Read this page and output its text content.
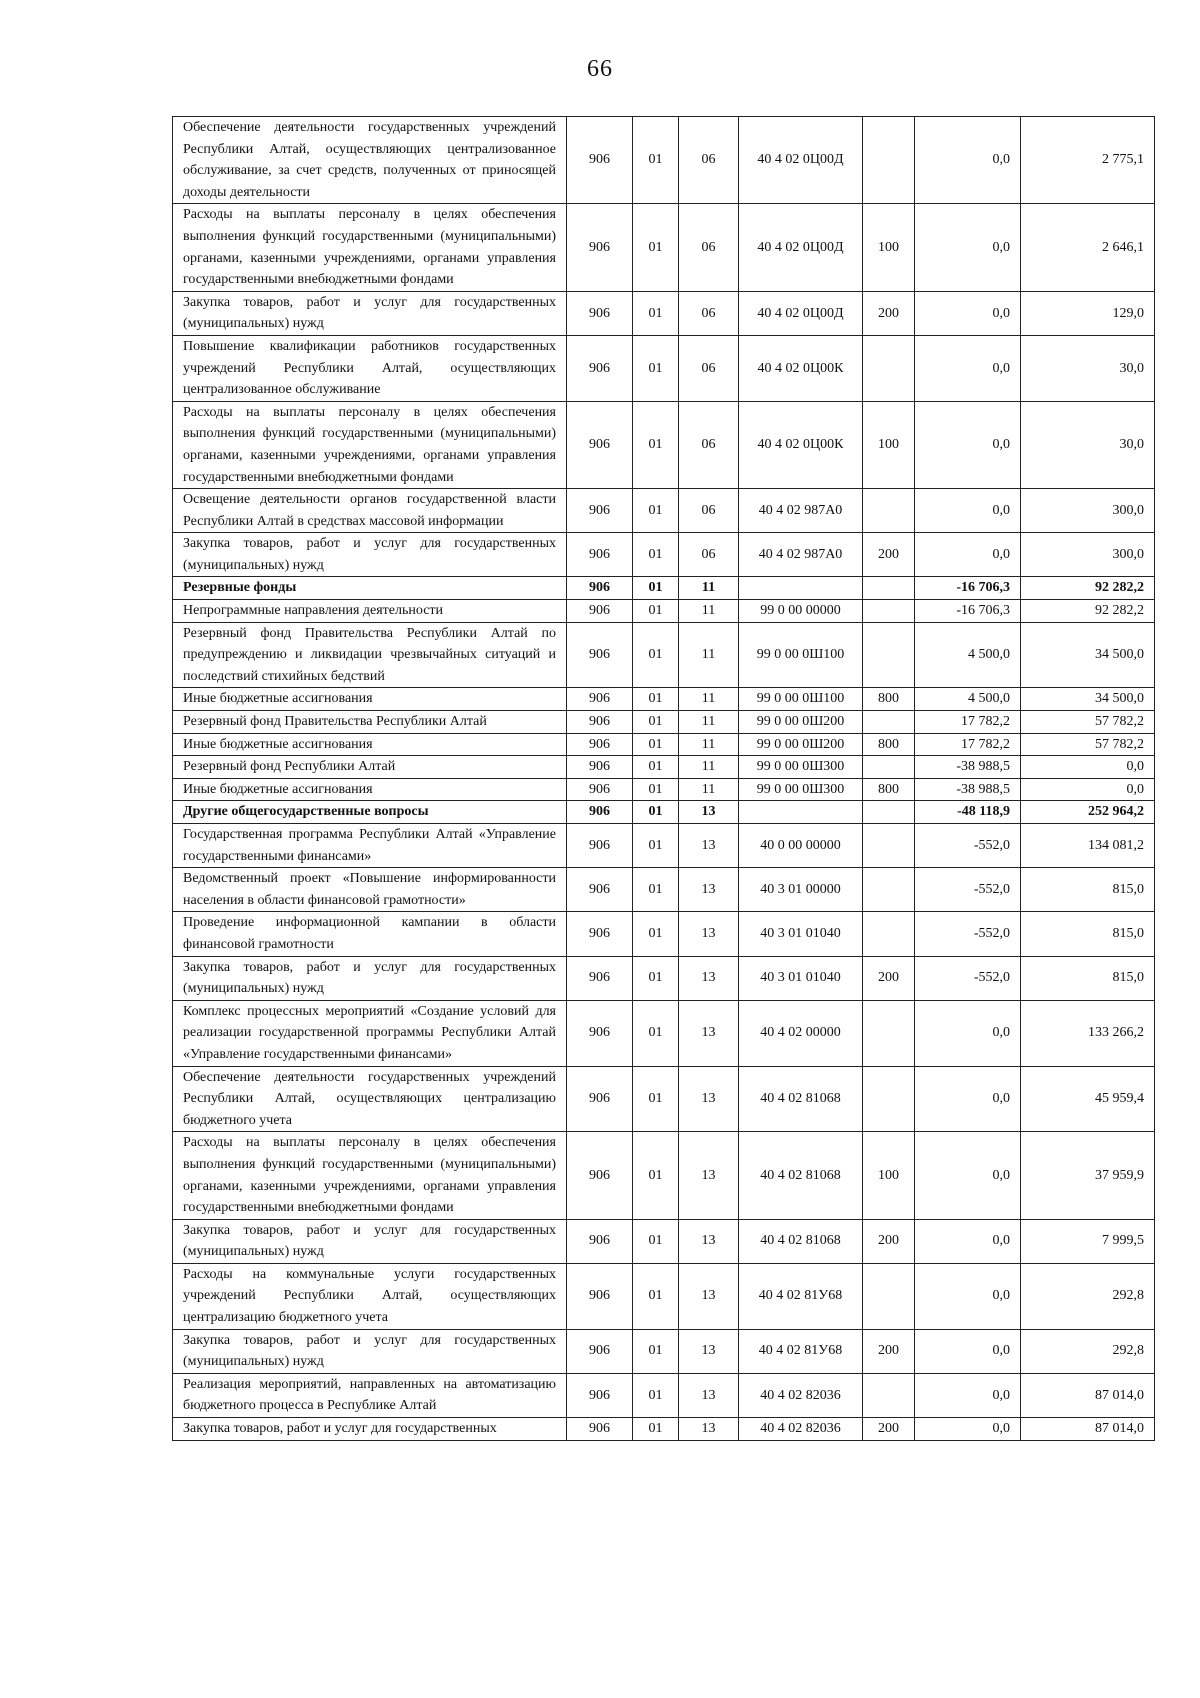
66
Обеспечение деятельности государственных учреждений Республики Алтай, осуществляющих централизованное обслуживание, за счет средств, полученных от приносящей доходы деятельности	906	01	06	40 4 02 0Ц00Д		0,0	2 775,1
Расходы на выплаты персоналу в целях обеспечения выполнения функций государственными (муниципальными) органами, казенными учреждениями, органами управления государственными внебюджетными фондами	906	01	06	40 4 02 0Ц00Д	100	0,0	2 646,1
Закупка товаров, работ и услуг для государственных (муниципальных) нужд	906	01	06	40 4 02 0Ц00Д	200	0,0	129,0
Повышение квалификации работников государственных учреждений Республики Алтай, осуществляющих централизованное обслуживание	906	01	06	40 4 02 0Ц00К		0,0	30,0
Расходы на выплаты персоналу в целях обеспечения выполнения функций государственными (муниципальными) органами, казенными учреждениями, органами управления государственными внебюджетными фондами	906	01	06	40 4 02 0Ц00К	100	0,0	30,0
Освещение деятельности органов государственной власти Республики Алтай в средствах массовой информации	906	01	06	40 4 02 987А0		0,0	300,0
Закупка товаров, работ и услуг для государственных (муниципальных) нужд	906	01	06	40 4 02 987А0	200	0,0	300,0
Резервные фонды	906	01	11			-16 706,3	92 282,2
Непрограммные направления деятельности	906	01	11	99 0 00 00000		-16 706,3	92 282,2
Резервный фонд Правительства Республики Алтай по предупреждению и ликвидации чрезвычайных ситуаций и последствий стихийных бедствий	906	01	11	99 0 00 0Ш100		4 500,0	34 500,0
Иные бюджетные ассигнования	906	01	11	99 0 00 0Ш100	800	4 500,0	34 500,0
Резервный фонд Правительства Республики Алтай	906	01	11	99 0 00 0Ш200		17 782,2	57 782,2
Иные бюджетные ассигнования	906	01	11	99 0 00 0Ш200	800	17 782,2	57 782,2
Резервный фонд Республики Алтай	906	01	11	99 0 00 0Ш300		-38 988,5	0,0
Иные бюджетные ассигнования	906	01	11	99 0 00 0Ш300	800	-38 988,5	0,0
Другие общегосударственные вопросы	906	01	13			-48 118,9	252 964,2
Государственная программа Республики Алтай «Управление государственными финансами»	906	01	13	40 0 00 00000		-552,0	134 081,2
Ведомственный проект «Повышение информированности населения в области финансовой грамотности»	906	01	13	40 3 01 00000		-552,0	815,0
Проведение информационной кампании в области финансовой грамотности	906	01	13	40 3 01 01040		-552,0	815,0
Закупка товаров, работ и услуг для государственных (муниципальных) нужд	906	01	13	40 3 01 01040	200	-552,0	815,0
Комплекс процессных мероприятий «Создание условий для реализации государственной программы Республики Алтай «Управление государственными финансами»	906	01	13	40 4 02 00000		0,0	133 266,2
Обеспечение деятельности государственных учреждений Республики Алтай, осуществляющих централизацию бюджетного учета	906	01	13	40 4 02 81068		0,0	45 959,4
Расходы на выплаты персоналу в целях обеспечения выполнения функций государственными (муниципальными) органами, казенными учреждениями, органами управления государственными внебюджетными фондами	906	01	13	40 4 02 81068	100	0,0	37 959,9
Закупка товаров, работ и услуг для государственных (муниципальных) нужд	906	01	13	40 4 02 81068	200	0,0	7 999,5
Расходы на коммунальные услуги государственных учреждений Республики Алтай, осуществляющих централизацию бюджетного учета	906	01	13	40 4 02 81У68		0,0	292,8
Закупка товаров, работ и услуг для государственных (муниципальных) нужд	906	01	13	40 4 02 81У68	200	0,0	292,8
Реализация мероприятий, направленных на автоматизацию бюджетного процесса в Республике Алтай	906	01	13	40 4 02 82036		0,0	87 014,0
Закупка товаров, работ и услуг для государственных	906	01	13	40 4 02 82036	200	0,0	87 014,0
